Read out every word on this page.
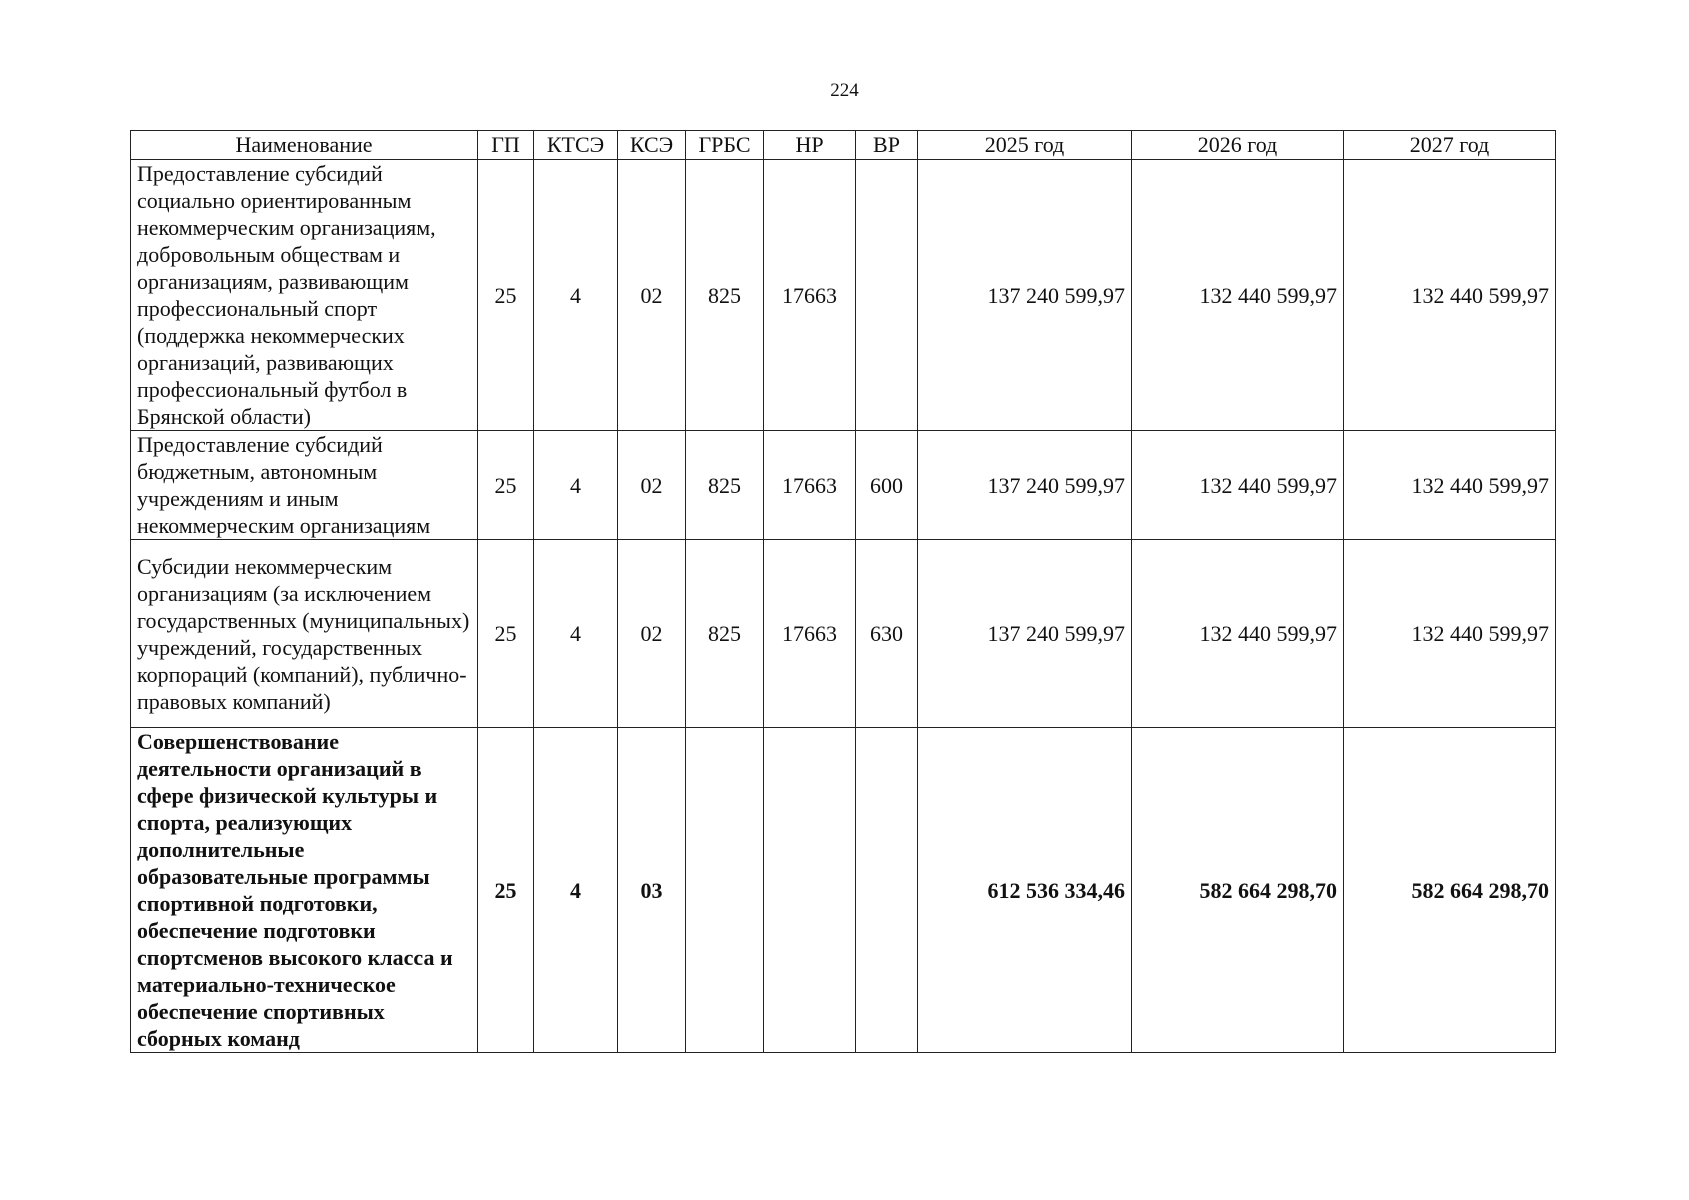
224
Наименование	ГП	КТСЭ	КСЭ	ГРБС	НР	ВР	2025 год	2026 год	2027 год
Предоставление субсидий социально ориентированным некоммерческим организациям, добровольным обществам и организациям, развивающим профессиональный спорт (поддержка некоммерческих организаций, развивающих профессиональный футбол в Брянской области)	25	4	02	825	17663		137 240 599,97	132 440 599,97	132 440 599,97
Предоставление субсидий бюджетным, автономным учреждениям и иным некоммерческим организациям	25	4	02	825	17663	600	137 240 599,97	132 440 599,97	132 440 599,97
Субсидии некоммерческим организациям (за исключением государственных (муниципальных) учреждений, государственных корпораций (компаний), публично-правовых компаний)	25	4	02	825	17663	630	137 240 599,97	132 440 599,97	132 440 599,97
Совершенствование деятельности организаций в сфере физической культуры и спорта, реализующих дополнительные образовательные программы спортивной подготовки, обеспечение подготовки спортсменов высокого класса и материально-техническое обеспечение спортивных сборных команд	25	4	03				612 536 334,46	582 664 298,70	582 664 298,70
